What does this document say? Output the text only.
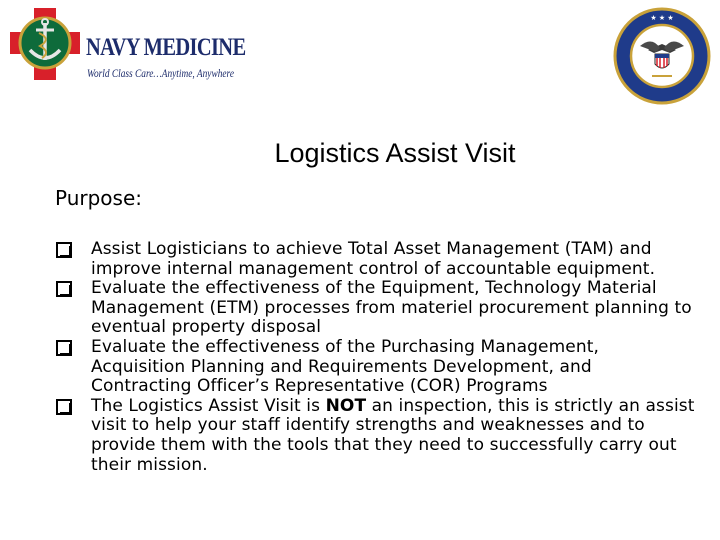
NAVY MEDICINE
World Class Care…Anytime, Anywhere
★ ★ ★
Logistics Assist Visit
Purpose:
Assist Logisticians to achieve Total Asset Management (TAM) and improve internal management control of accountable equipment.
Evaluate the effectiveness of the Equipment, Technology Material Management (ETM) processes from materiel procurement planning to eventual property disposal
Evaluate the effectiveness of the Purchasing Management, Acquisition Planning and Requirements Development, and Contracting Officer’s Representative (COR) Programs
The Logistics Assist Visit is NOT an inspection, this is strictly an assist visit to help your staff identify strengths and weaknesses and to provide them with the tools that they need to successfully carry out their mission.
